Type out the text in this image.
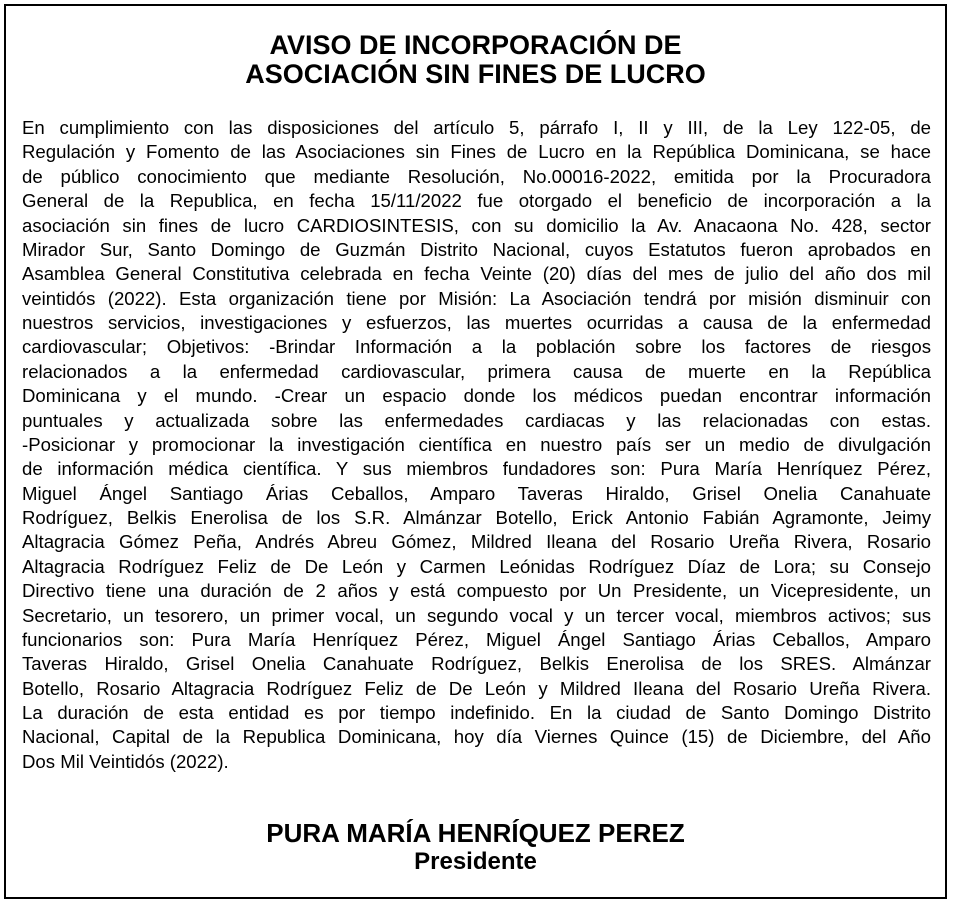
AVISO DE INCORPORACIÓN DE
ASOCIACIÓN SIN FINES DE LUCRO
En cumplimiento con las disposiciones del artículo 5, párrafo I, II y III, de la Ley 122-05, de
Regulación y Fomento de las Asociaciones sin Fines de Lucro en la República Dominicana, se hace
de público conocimiento que mediante Resolución, No.00016-2022, emitida por la Procuradora
General de la Republica, en fecha 15/11/2022 fue otorgado el beneficio de incorporación a la
asociación sin fines de lucro CARDIOSINTESIS, con su domicilio la Av. Anacaona No. 428, sector
Mirador Sur, Santo Domingo de Guzmán Distrito Nacional, cuyos Estatutos fueron aprobados en
Asamblea General Constitutiva celebrada en fecha Veinte (20) días del mes de julio del año dos mil
veintidós (2022). Esta organización tiene por Misión: La Asociación tendrá por misión disminuir con
nuestros servicios, investigaciones y esfuerzos, las muertes ocurridas a causa de la enfermedad
cardiovascular; Objetivos: -Brindar Información a la población sobre los factores de riesgos
relacionados a la enfermedad cardiovascular, primera causa de muerte en la República
Dominicana y el mundo. -Crear un espacio donde los médicos puedan encontrar información
puntuales y actualizada sobre las enfermedades cardiacas y las relacionadas con estas.
-Posicionar y promocionar la investigación científica en nuestro país ser un medio de divulgación
de información médica científica. Y sus miembros fundadores son: Pura María Henríquez Pérez,
Miguel Ángel Santiago Árias Ceballos, Amparo Taveras Hiraldo, Grisel Onelia Canahuate
Rodríguez, Belkis Enerolisa de los S.R. Almánzar Botello, Erick Antonio Fabián Agramonte, Jeimy
Altagracia Gómez Peña, Andrés Abreu Gómez, Mildred Ileana del Rosario Ureña Rivera, Rosario
Altagracia Rodríguez Feliz de De León y Carmen Leónidas Rodríguez Díaz de Lora; su Consejo
Directivo tiene una duración de 2 años y está compuesto por Un Presidente, un Vicepresidente, un
Secretario, un tesorero, un primer vocal, un segundo vocal y un tercer vocal, miembros activos; sus
funcionarios son: Pura María Henríquez Pérez, Miguel Ángel Santiago Árias Ceballos, Amparo
Taveras Hiraldo, Grisel Onelia Canahuate Rodríguez, Belkis Enerolisa de los SRES. Almánzar
Botello, Rosario Altagracia Rodríguez Feliz de De León y Mildred Ileana del Rosario Ureña Rivera.
La duración de esta entidad es por tiempo indefinido. En la ciudad de Santo Domingo Distrito
Nacional, Capital de la Republica Dominicana, hoy día Viernes Quince (15) de Diciembre, del Año
Dos Mil Veintidós (2022).
PURA MARÍA HENRÍQUEZ PEREZ
Presidente
